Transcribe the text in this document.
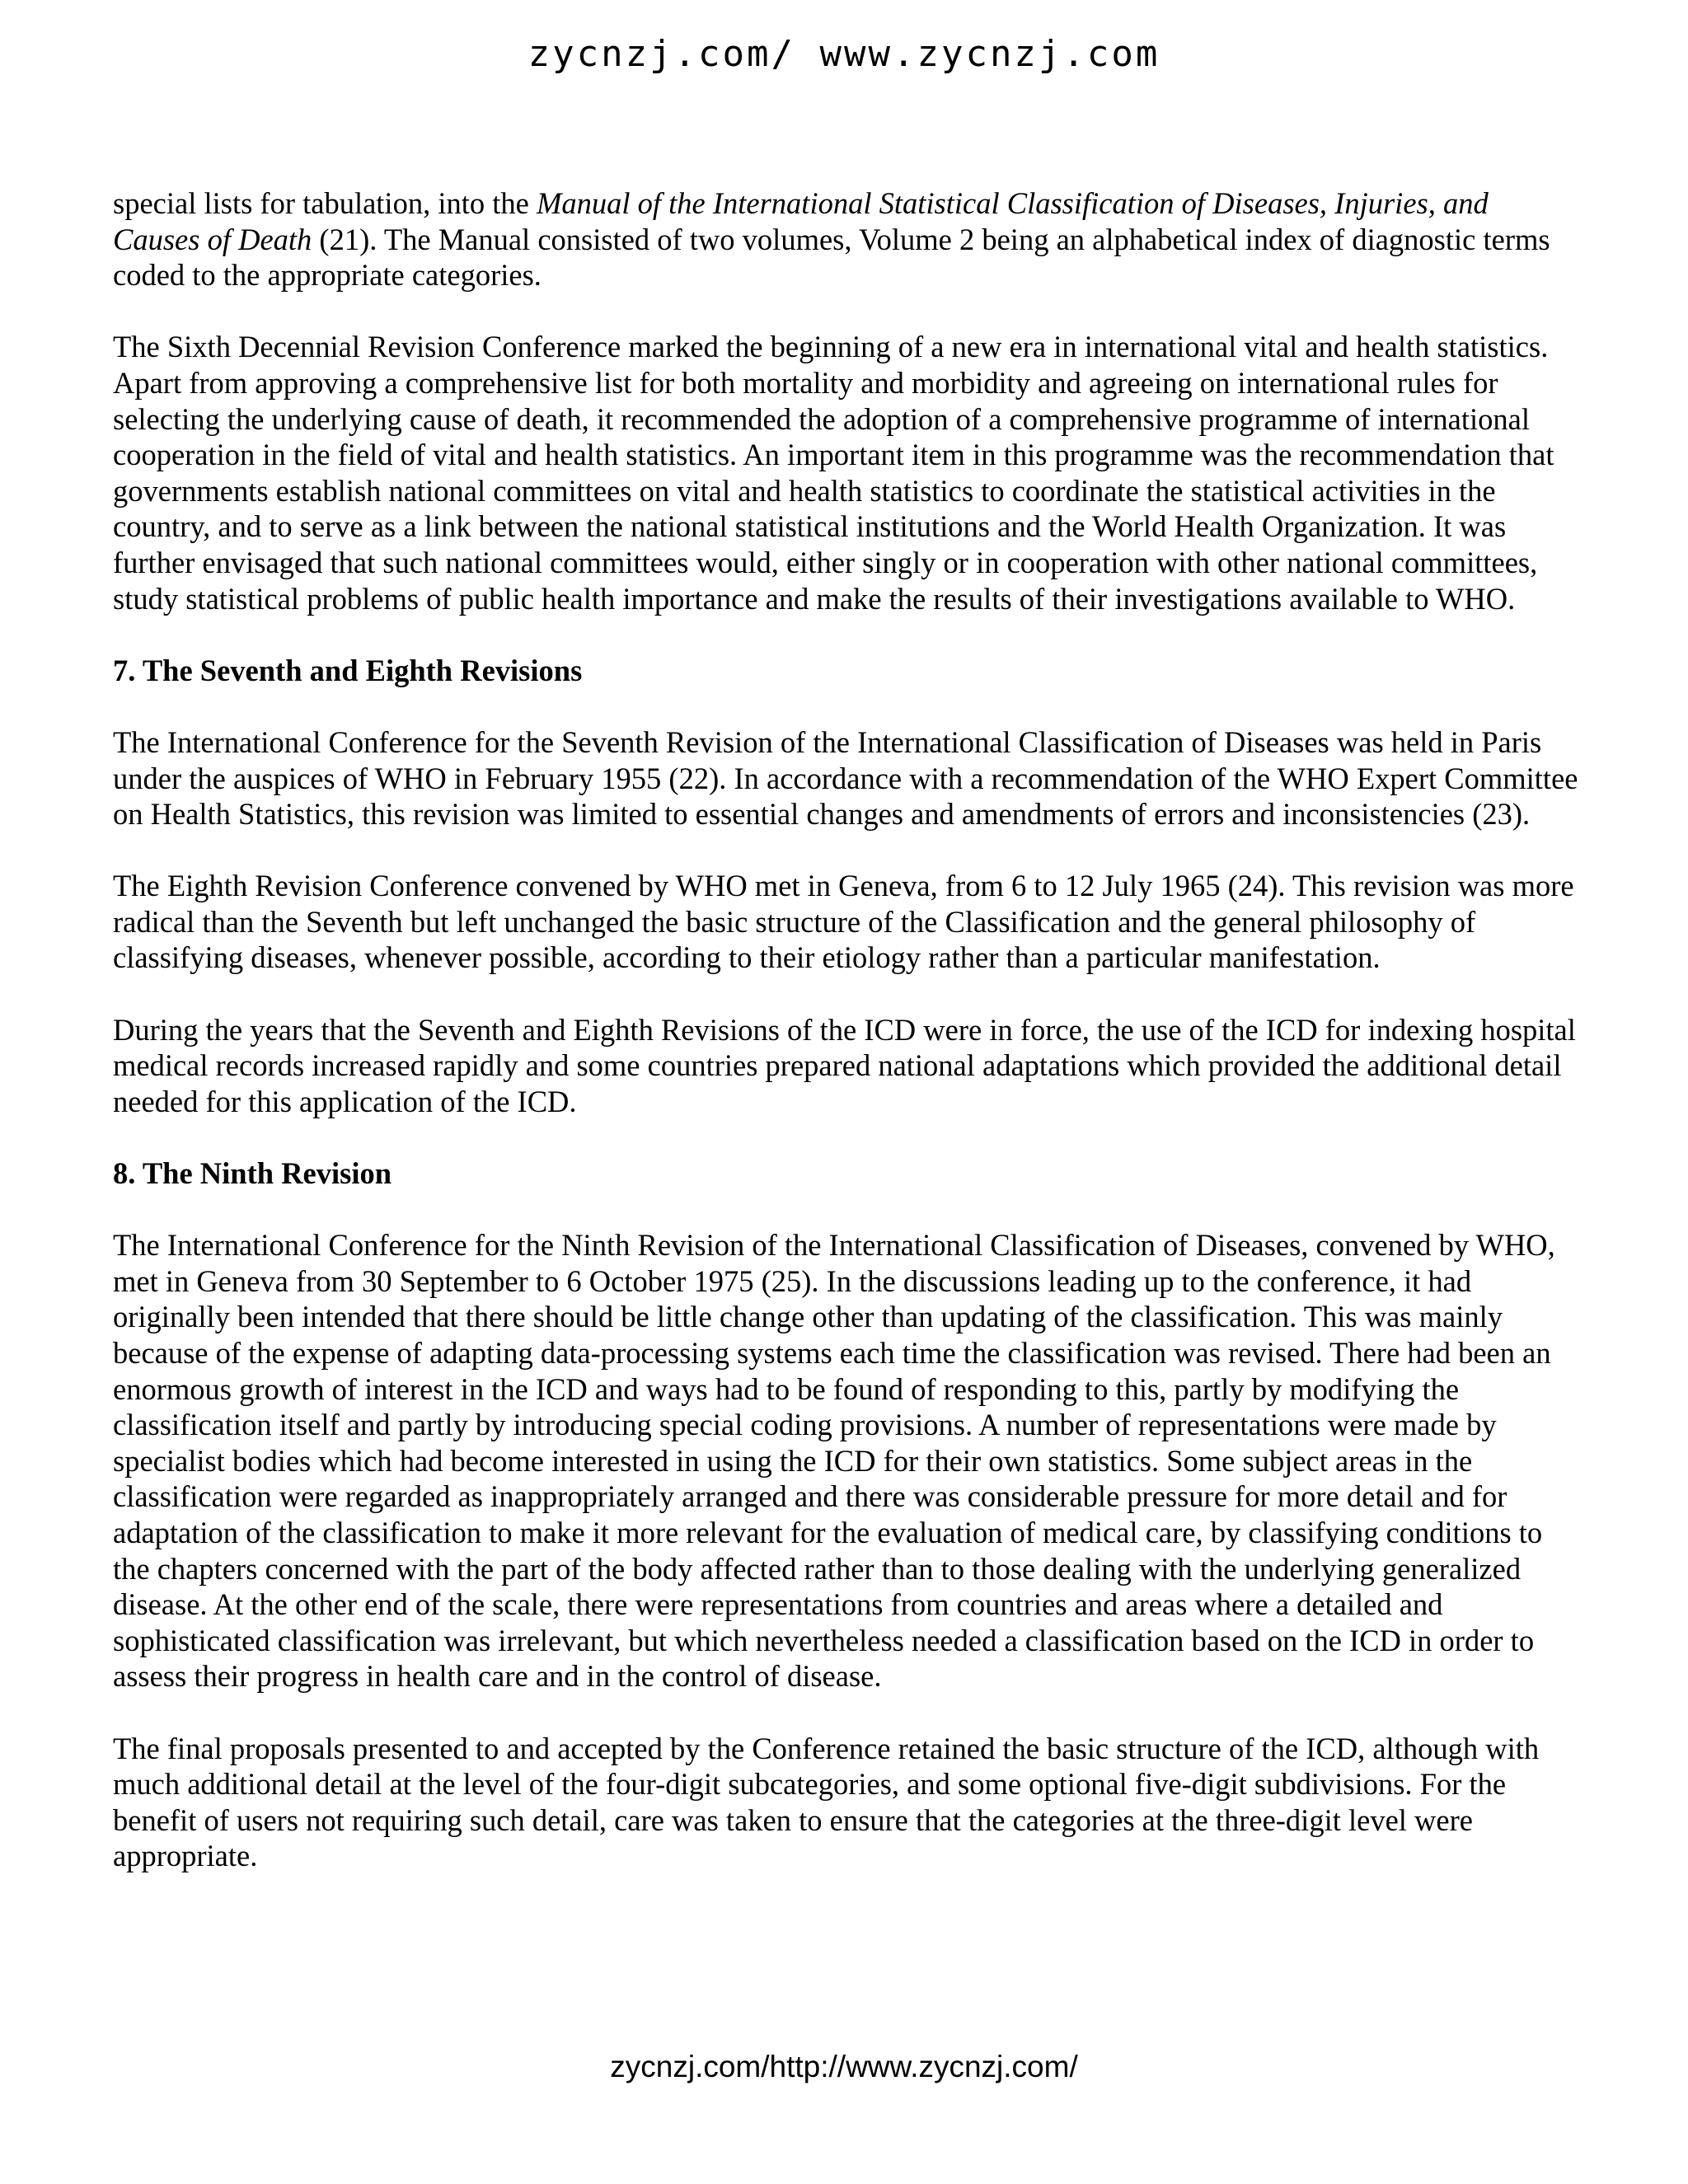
zycnzj.com/ www.zycnzj.com

special lists for tabulation, into the Manual of the International Statistical Classification of Diseases, Injuries, and Causes of Death (21). The Manual consisted of two volumes, Volume 2 being an alphabetical index of diagnostic terms coded to the appropriate categories.

The Sixth Decennial Revision Conference marked the beginning of a new era in international vital and health statistics. Apart from approving a comprehensive list for both mortality and morbidity and agreeing on international rules for selecting the underlying cause of death, it recommended the adoption of a comprehensive programme of international cooperation in the field of vital and health statistics. An important item in this programme was the recommendation that governments establish national committees on vital and health statistics to coordinate the statistical activities in the country, and to serve as a link between the national statistical institutions and the World Health Organization. It was further envisaged that such national committees would, either singly or in cooperation with other national committees, study statistical problems of public health importance and make the results of their investigations available to WHO.

7. The Seventh and Eighth Revisions

The International Conference for the Seventh Revision of the International Classification of Diseases was held in Paris under the auspices of WHO in February 1955 (22). In accordance with a recommendation of the WHO Expert Committee on Health Statistics, this revision was limited to essential changes and amendments of errors and inconsistencies (23).

The Eighth Revision Conference convened by WHO met in Geneva, from 6 to 12 July 1965 (24). This revision was more radical than the Seventh but left unchanged the basic structure of the Classification and the general philosophy of classifying diseases, whenever possible, according to their etiology rather than a particular manifestation.

During the years that the Seventh and Eighth Revisions of the ICD were in force, the use of the ICD for indexing hospital medical records increased rapidly and some countries prepared national adaptations which provided the additional detail needed for this application of the ICD.

8. The Ninth Revision

The International Conference for the Ninth Revision of the International Classification of Diseases, convened by WHO, met in Geneva from 30 September to 6 October 1975 (25). In the discussions leading up to the conference, it had originally been intended that there should be little change other than updating of the classification. This was mainly because of the expense of adapting data-processing systems each time the classification was revised. There had been an enormous growth of interest in the ICD and ways had to be found of responding to this, partly by modifying the classification itself and partly by introducing special coding provisions. A number of representations were made by specialist bodies which had become interested in using the ICD for their own statistics. Some subject areas in the classification were regarded as inappropriately arranged and there was considerable pressure for more detail and for adaptation of the classification to make it more relevant for the evaluation of medical care, by classifying conditions to the chapters concerned with the part of the body affected rather than to those dealing with the underlying generalized disease. At the other end of the scale, there were representations from countries and areas where a detailed and sophisticated classification was irrelevant, but which nevertheless needed a classification based on the ICD in order to assess their progress in health care and in the control of disease.

The final proposals presented to and accepted by the Conference retained the basic structure of the ICD, although with much additional detail at the level of the four-digit subcategories, and some optional five-digit subdivisions. For the benefit of users not requiring such detail, care was taken to ensure that the categories at the three-digit level were appropriate.

zycnzj.com/http://www.zycnzj.com/
